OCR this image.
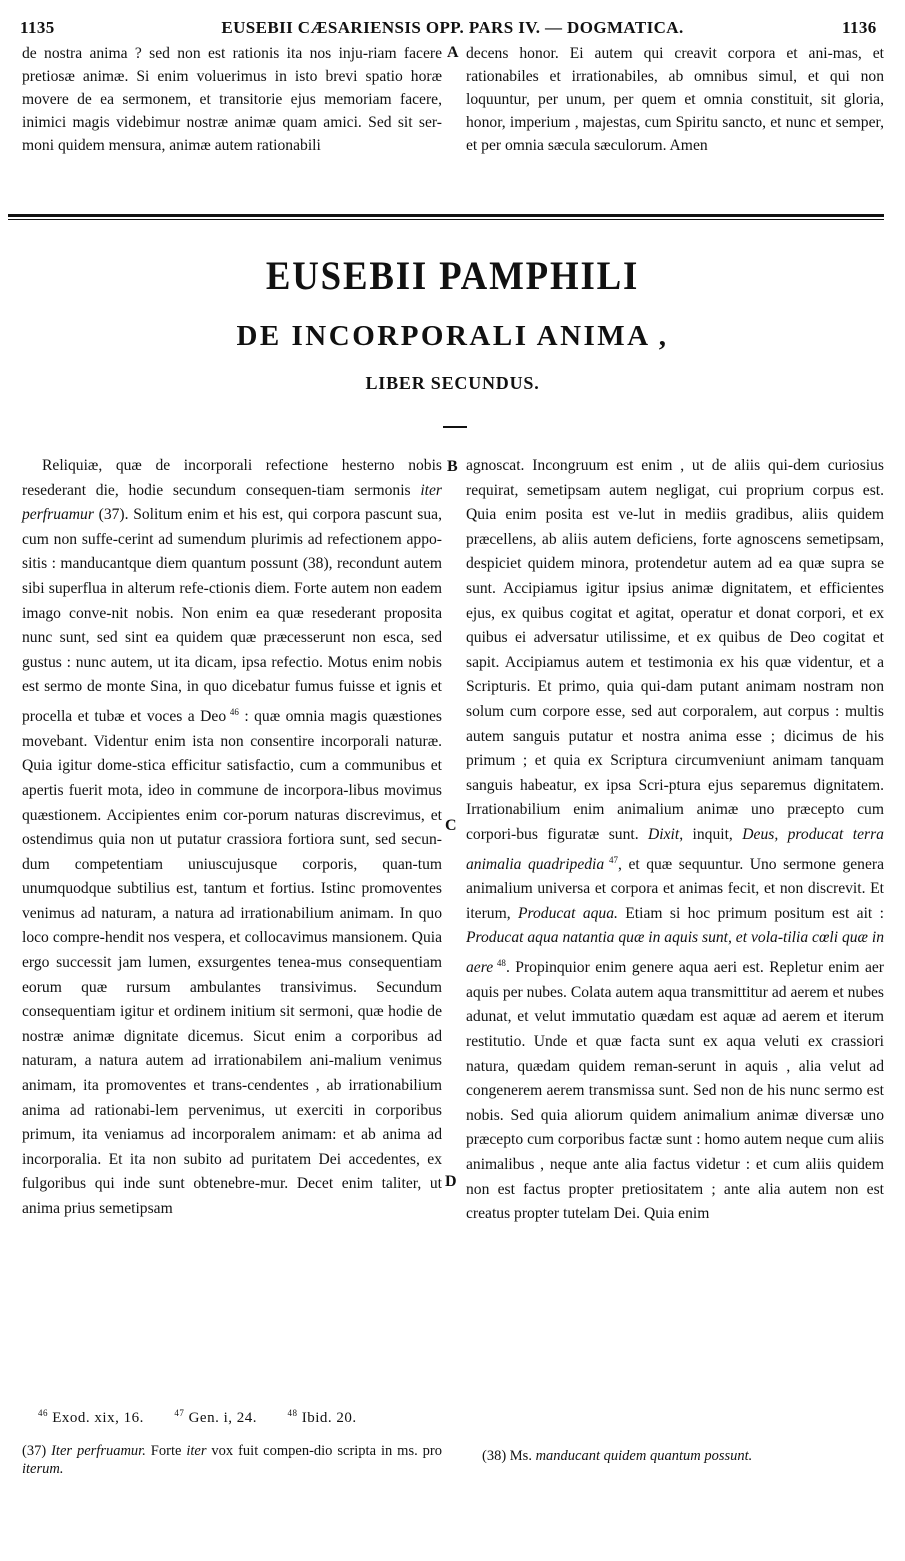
1135	EUSEBII CÆSARIENSIS OPP. PARS IV. — DOGMATICA.	1136

de nostra anima ? sed non est rationis ita nos inju-riam facere pretiosæ animæ. Si enim voluerimus in isto brevi spatio horæ movere de ea sermonem, et transitorie ejus memoriam facere, inimici magis videbimur nostræ animæ quam amici. Sed sit ser-moni quidem mensura, animæ autem rationabili

A decens honor. Ei autem qui creavit corpora et ani-mas, et rationabiles et irrationabiles, ab omnibus simul, et qui non loquuntur, per unum, per quem et omnia constituit, sit gloria, honor, imperium , majestas, cum Spiritu sancto, et nunc et semper, et per omnia sæcula sæculorum. Amen

EUSEBII PAMPHILI
DE INCORPORALI ANIMA ,
LIBER SECUNDUS.

Reliquiæ, quæ de incorporali refectione hesterno nobis resederant die, hodie secundum consequen-tiam sermonis iter perfruamur (37). Solitum enim et his est, qui corpora pascunt sua, cum non suffe-cerint ad sumendum plurimis ad refectionem appo-sitis : manducantque diem quantum possunt (38), recondunt autem sibi superflua in alterum refe-ctionis diem. Forte autem non eadem imago conve-nit nobis. Non enim ea quæ resederant proposita nunc sunt, sed sint ea quidem quæ præcesserunt non esca, sed gustus : nunc autem, ut ita dicam, ipsa refectio. Motus enim nobis est sermo de monte Sina, in quo dicebatur fumus fuisse et ignis et procella et tubæ et voces a Deo $^{46}$ : quæ omnia magis quæstiones movebant. Videntur enim ista non consentire incorporali naturæ. Quia igitur dome-stica efficitur satisfactio, cum a communibus et apertis fuerit mota, ideo in commune de incorpora-libus movimus quæstionem. Accipientes enim cor-porum naturas discrevimus, et ostendimus quia non ut putatur crassiora fortiora sunt, sed secun-dum competentiam uniuscujusque corporis, quan-tum unumquodque subtilius est, tantum et fortius. Istinc promoventes venimus ad naturam, a natura ad irrationabilium animam. In quo loco compre-hendit nos vespera, et collocavimus mansionem. Quia ergo successit jam lumen, exsurgentes tenea-mus consequentiam eorum quæ rursum ambulantes transivimus. Secundum consequentiam igitur et ordinem initium sit sermoni, quæ hodie de nostræ animæ dignitate dicemus. Sicut enim a corporibus ad naturam, a natura autem ad irrationabilem ani-malium venimus animam, ita promoventes et trans-cendentes , ab irrationabilium anima ad rationabi-lem pervenimus, ut exerciti in corporibus primum, ita veniamus ad incorporalem animam: et ab anima ad incorporalia. Et ita non subito ad puritatem Dei accedentes, ex fulgoribus qui inde sunt obtenebre-mur. Decet enim taliter, ut anima prius semetipsam

B
C
D

agnoscat. Incongruum est enim , ut de aliis qui-dem curiosius requirat, semetipsam autem negligat, cui proprium corpus est. Quia enim posita est ve-lut in mediis gradibus, aliis quidem præcellens, ab aliis autem deficiens, forte agnoscens semetipsam, despiciet quidem minora, protendetur autem ad ea quæ supra se sunt. Accipiamus igitur ipsius animæ dignitatem, et efficientes ejus, ex quibus cogitat et agitat, operatur et donat corpori, et ex quibus ei adversatur utilissime, et ex quibus de Deo cogitat et sapit. Accipiamus autem et testimonia ex his quæ videntur, et a Scripturis. Et primo, quia qui-dam putant animam nostram non solum cum corpore esse, sed aut corporalem, aut corpus : multis autem sanguis putatur et nostra anima esse ; dicimus de his primum ; et quia ex Scriptura circumveniunt animam tanquam sanguis habeatur, ex ipsa Scri-ptura ejus separemus dignitatem. Irrationabilium enim animalium animæ uno præcepto cum corpori-bus figuratæ sunt. Dixit, inquit, Deus, producat terra animalia quadripedia $^{47}$, et quæ sequuntur. Uno sermone genera animalium universa et corpora et animas fecit, et non discrevit. Et iterum, Producat aqua. Etiam si hoc primum positum est ait : Producat aqua natantia quæ in aquis sunt, et vola-tilia cœli quæ in aere $^{48}$. Propinquior enim genere aqua aeri est. Repletur enim aer aquis per nubes. Colata autem aqua transmittitur ad aerem et nubes adunat, et velut immutatio quædam est aquæ ad aerem et iterum restitutio. Unde et quæ facta sunt ex aqua veluti ex crassiori natura, quædam quidem reman-serunt in aquis , alia velut ad congenerem aerem transmissa sunt. Sed non de his nunc sermo est nobis. Sed quia aliorum quidem animalium animæ diversæ uno præcepto cum corporibus factæ sunt : homo autem neque cum aliis animalibus , neque ante alia factus videtur : et cum aliis quidem non est factus propter pretiositatem ; ante alia autem non est creatus propter tutelam Dei. Quia enim

$^{46}$ Exod. xix, 16.	$^{47}$ Gen. i, 24.	$^{48}$ Ibid. 20.
(37) Iter perfruamur. Forte iter vox fuit compen-dio scripta in ms. pro iterum.
(38) Ms. manducant quidem quantum possunt.
